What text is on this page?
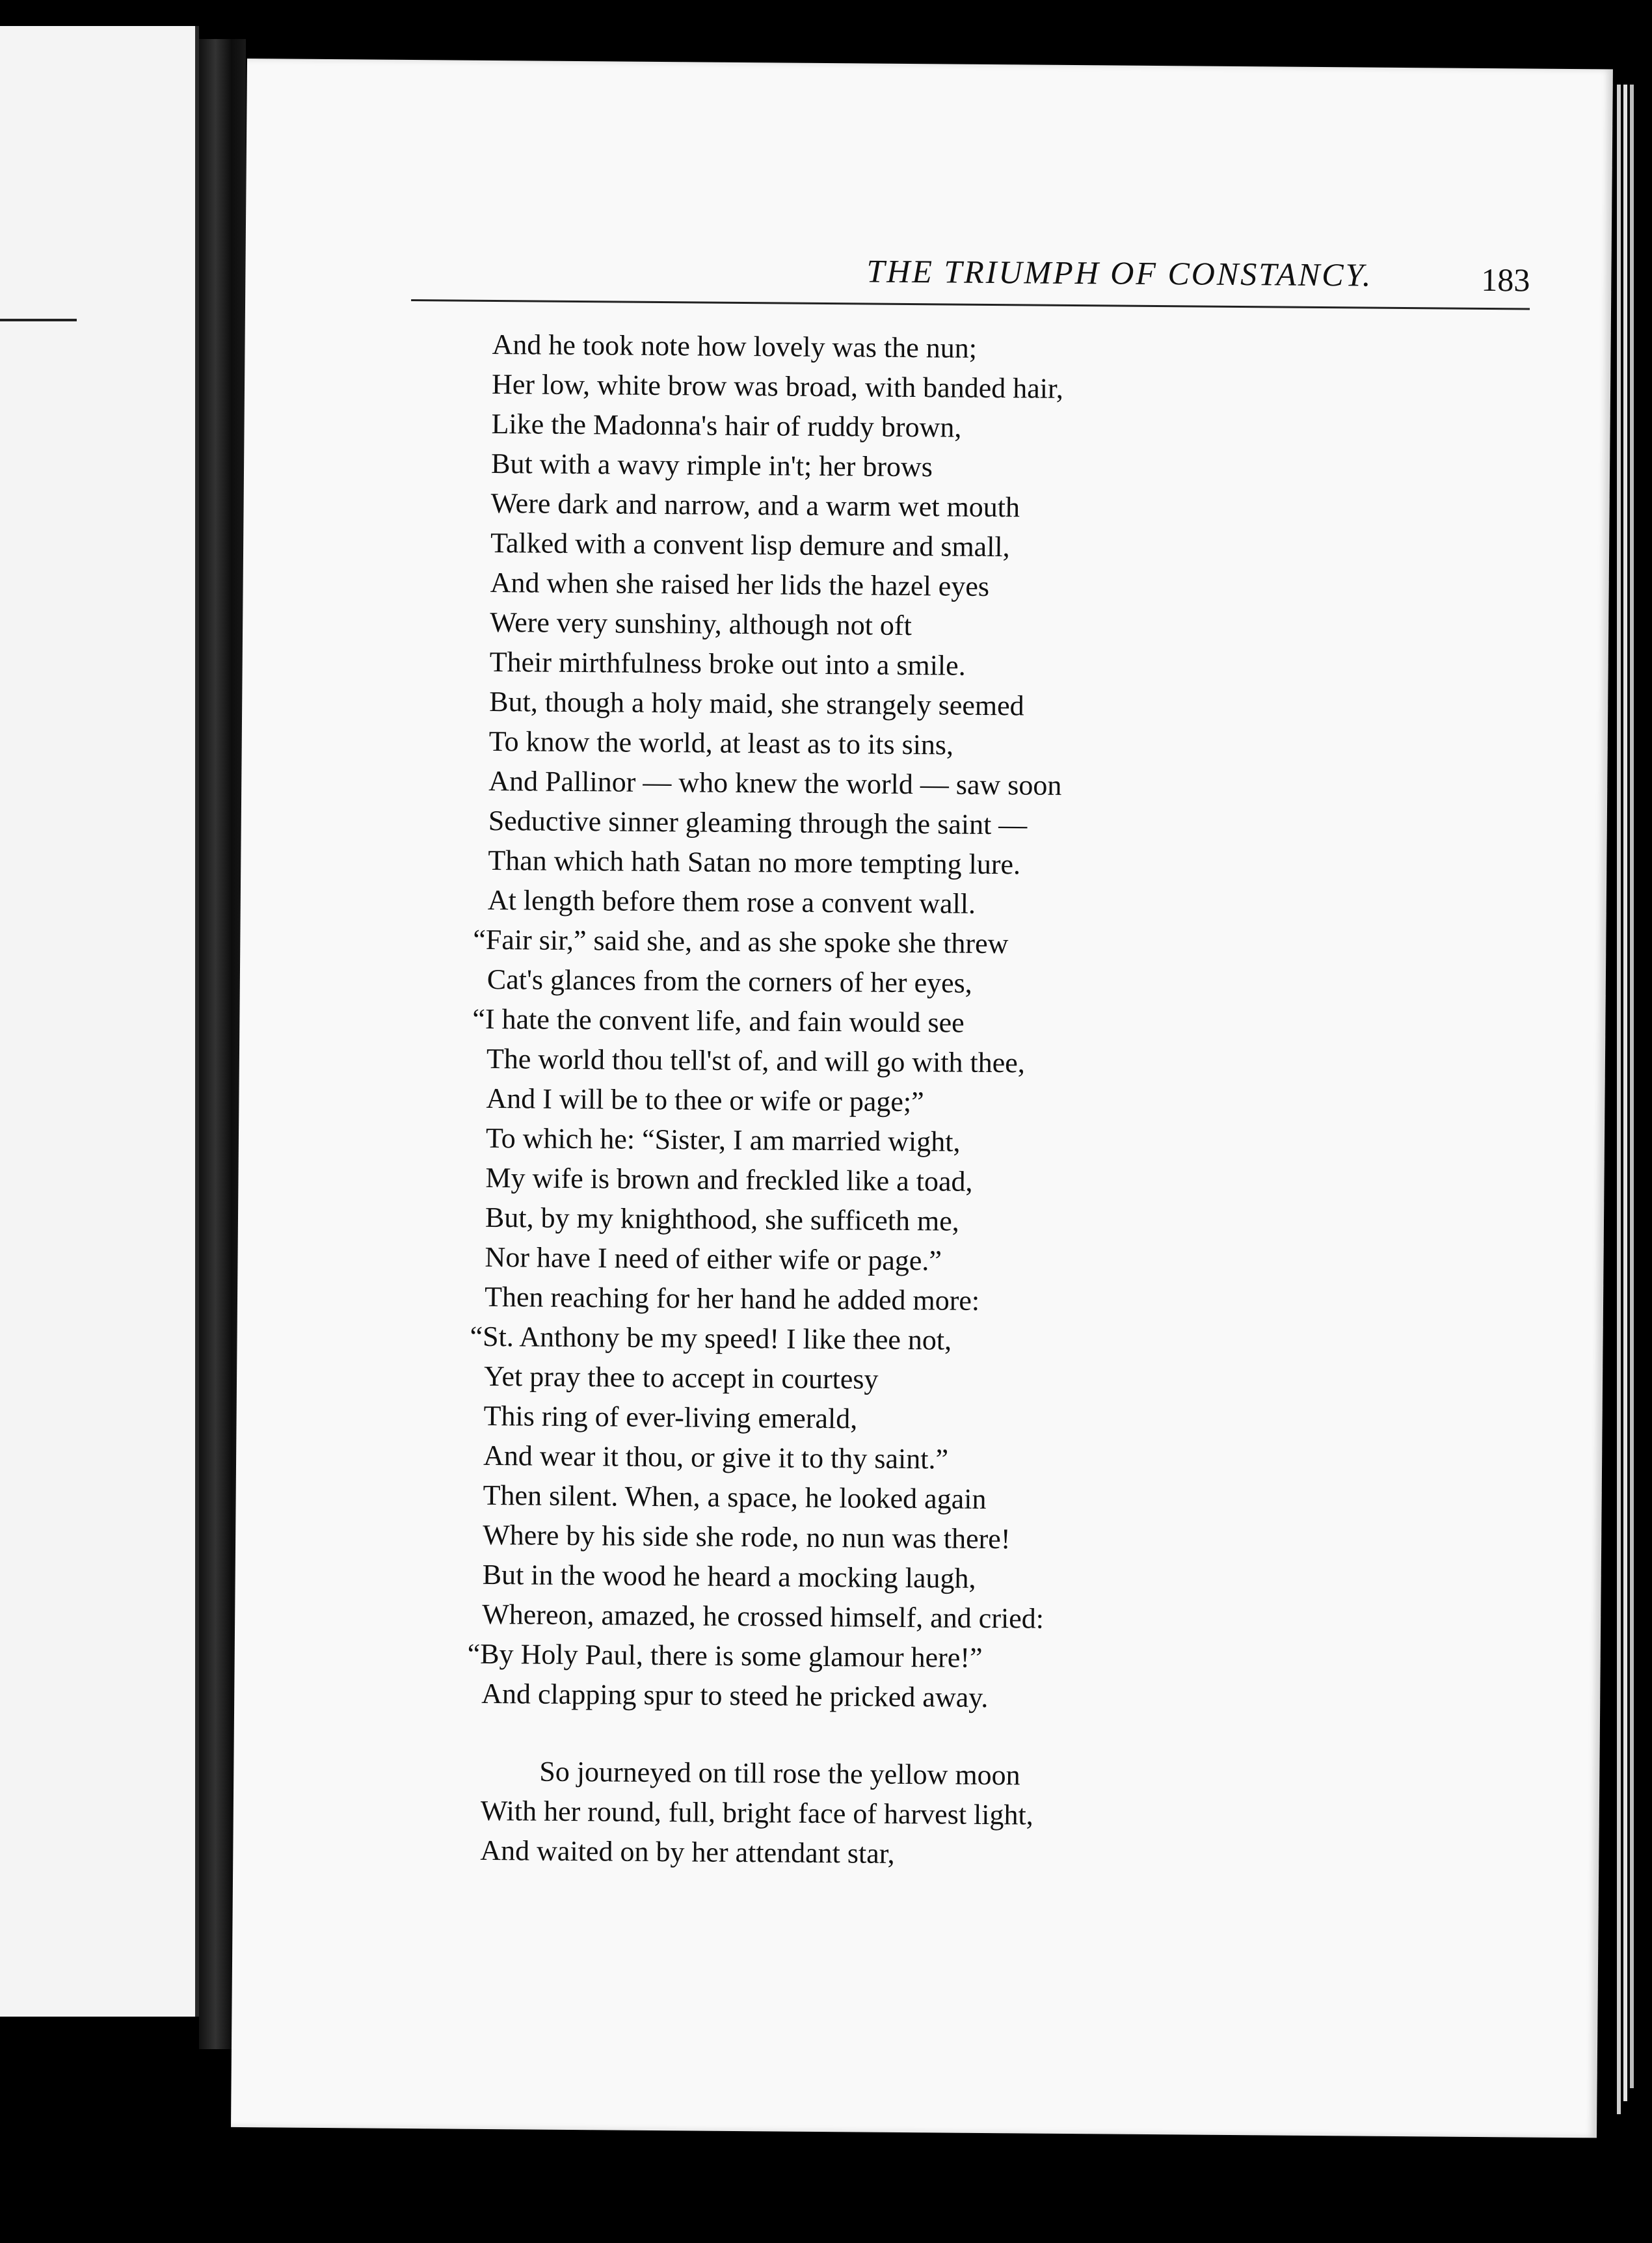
THE TRIUMPH OF CONSTANCY.	183
And he took note how lovely was the nun;
Her low, white brow was broad, with banded hair,
Like the Madonna's hair of ruddy brown,
But with a wavy rimple in't; her brows
Were dark and narrow, and a warm wet mouth
Talked with a convent lisp demure and small,
And when she raised her lids the hazel eyes
Were very sunshiny, although not oft
Their mirthfulness broke out into a smile.
But, though a holy maid, she strangely seemed
To know the world, at least as to its sins,
And Pallinor — who knew the world — saw soon
Seductive sinner gleaming through the saint —
Than which hath Satan no more tempting lure.
At length before them rose a convent wall.
“Fair sir,” said she, and as she spoke she threw
Cat's glances from the corners of her eyes,
“I hate the convent life, and fain would see
The world thou tell'st of, and will go with thee,
And I will be to thee or wife or page;”
To which he: “Sister, I am married wight,
My wife is brown and freckled like a toad,
But, by my knighthood, she sufficeth me,
Nor have I need of either wife or page.”
Then reaching for her hand he added more:
“St. Anthony be my speed! I like thee not,
Yet pray thee to accept in courtesy
This ring of ever-living emerald,
And wear it thou, or give it to thy saint.”
Then silent. When, a space, he looked again
Where by his side she rode, no nun was there!
But in the wood he heard a mocking laugh,
Whereon, amazed, he crossed himself, and cried:
“By Holy Paul, there is some glamour here!”
And clapping spur to steed he pricked away.
So journeyed on till rose the yellow moon
With her round, full, bright face of harvest light,
And waited on by her attendant star,
